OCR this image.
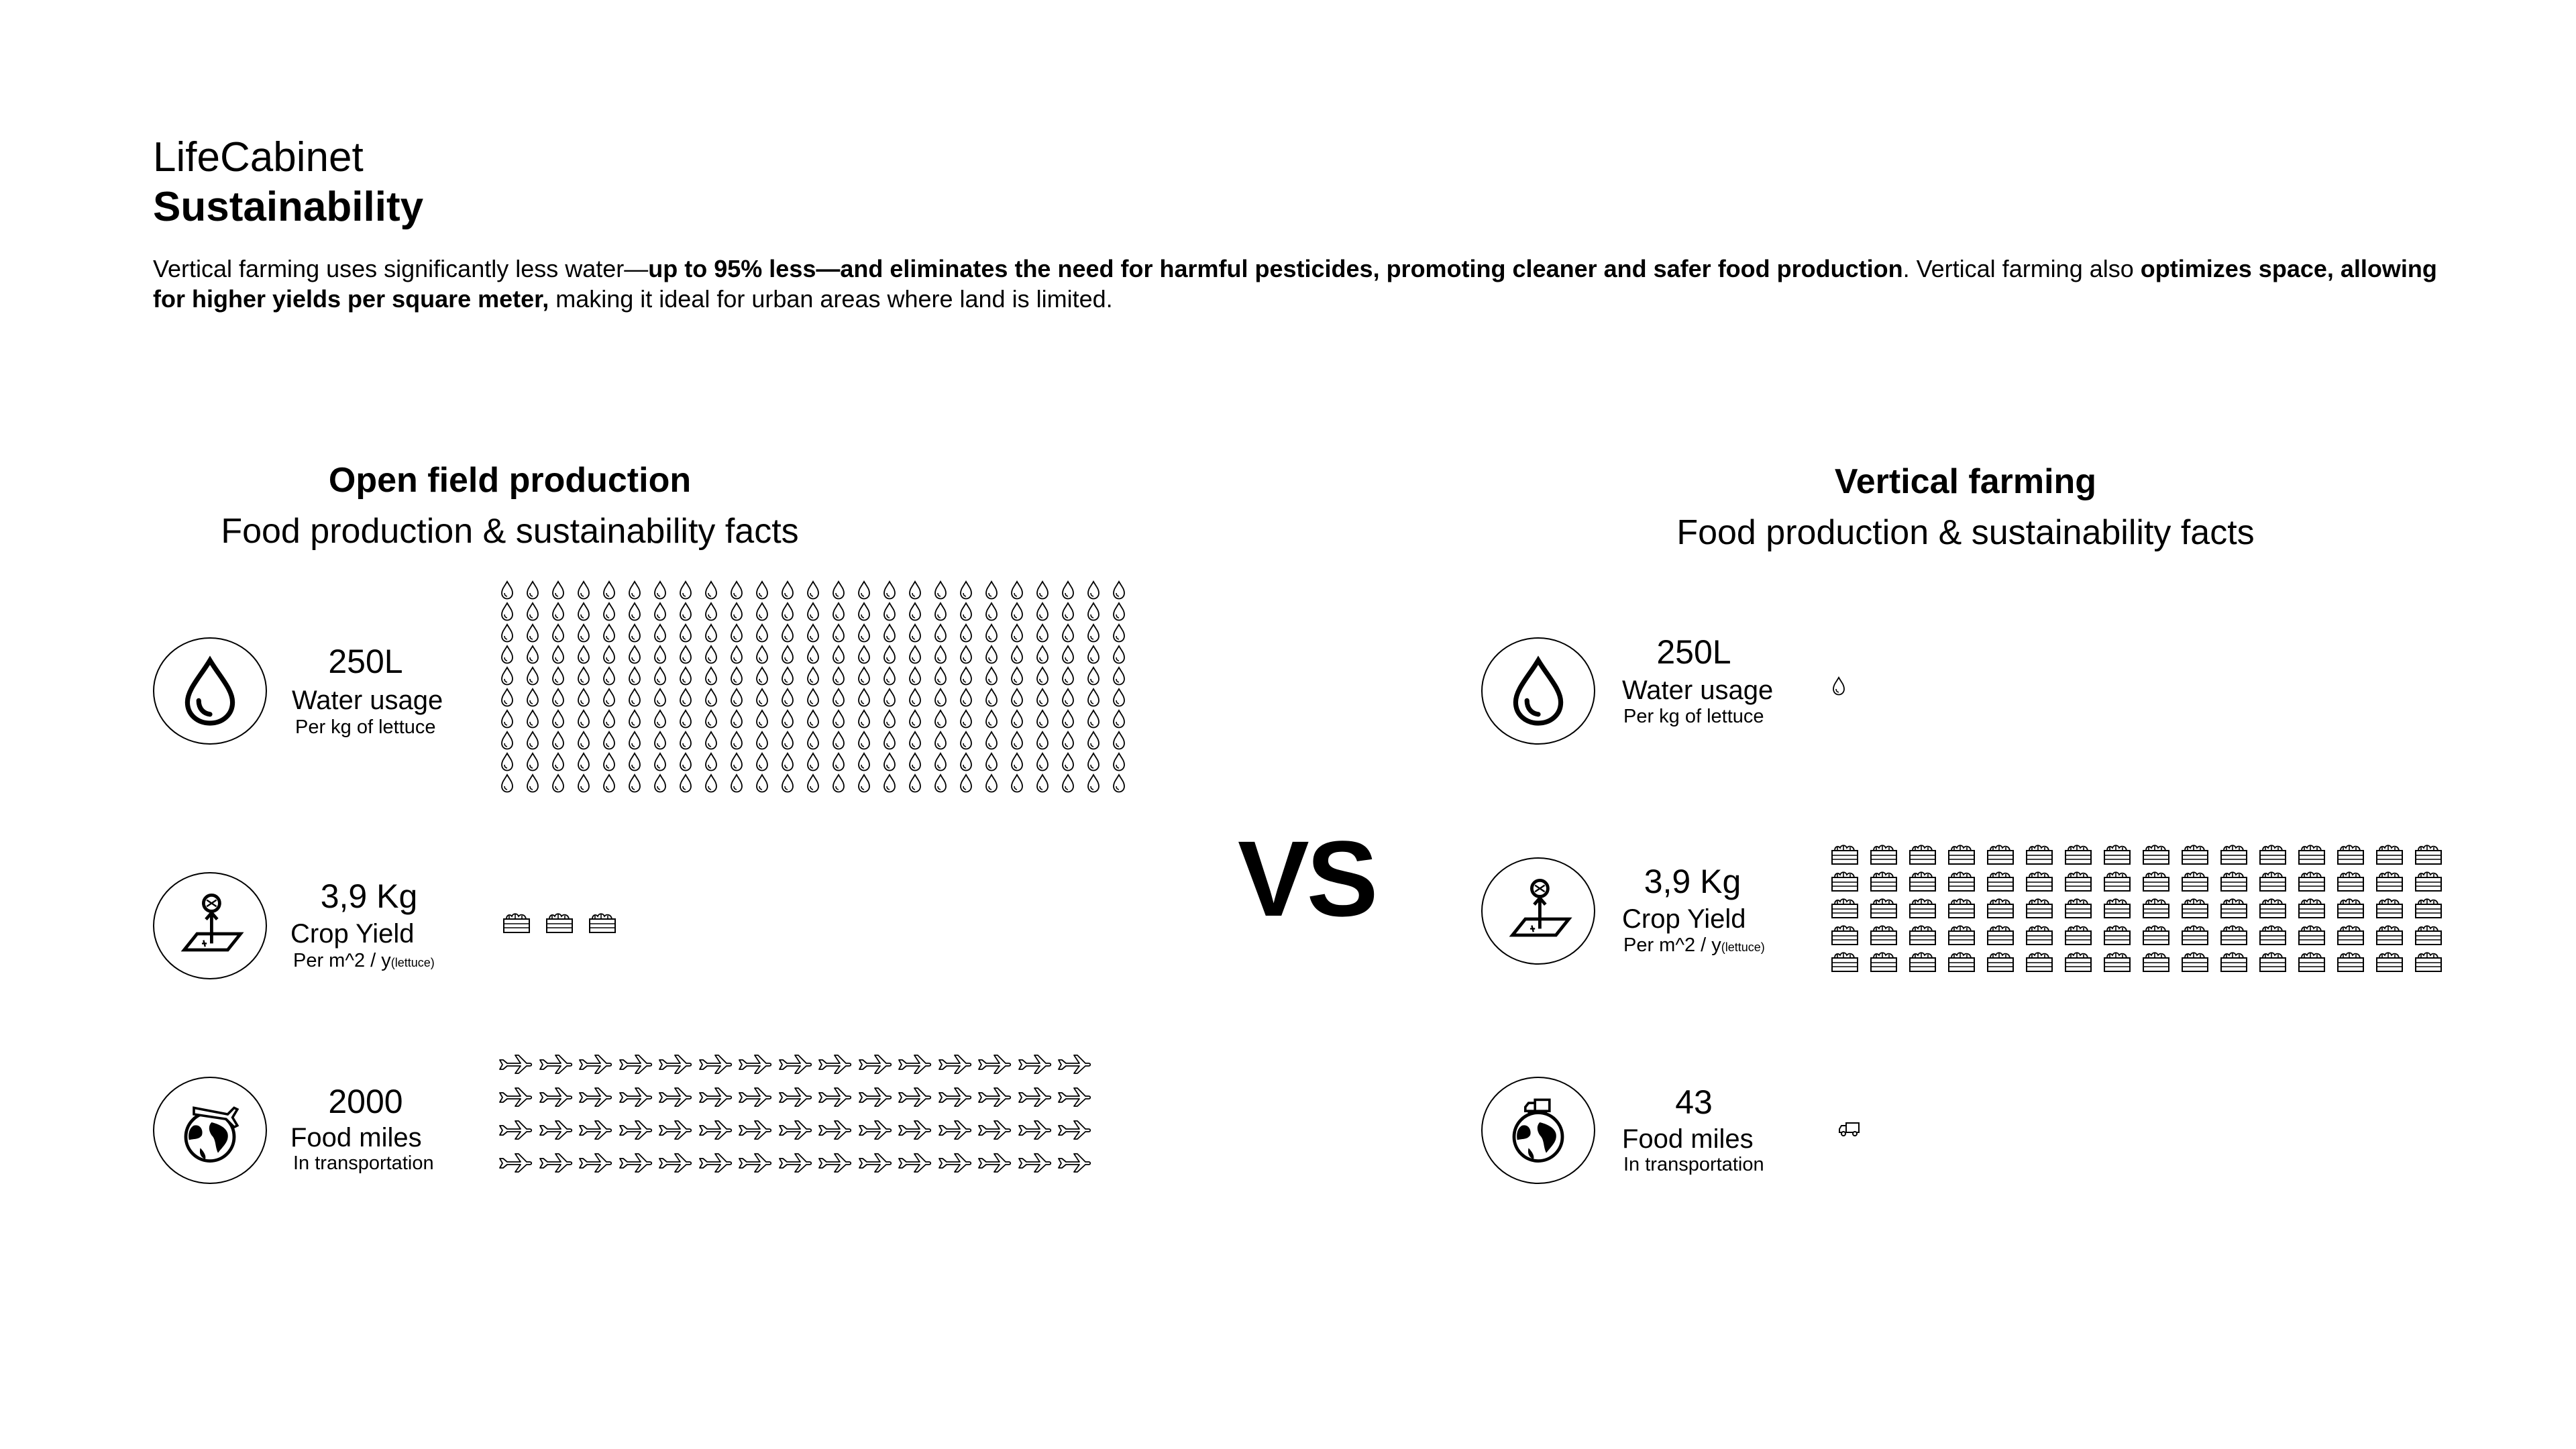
LifeCabinet
Sustainability
Vertical farming uses significantly less water—up to 95% less—and eliminates the need for harmful pesticides, promoting cleaner and safer food production. Vertical farming also optimizes space, allowing for higher yields per square meter, making it ideal for urban areas where land is limited.
Open field production
Food production & sustainability facts
Vertical farming
Food production & sustainability facts
VS
250L
Water usage
Per kg of lettuce
3,9 Kg
Crop Yield
Per m^2 / y(lettuce)
2000
Food miles
In transportation
250L
Water usage
Per kg of lettuce
3,9 Kg
Crop Yield
Per m^2 / y(lettuce)
43
Food miles
In transportation
